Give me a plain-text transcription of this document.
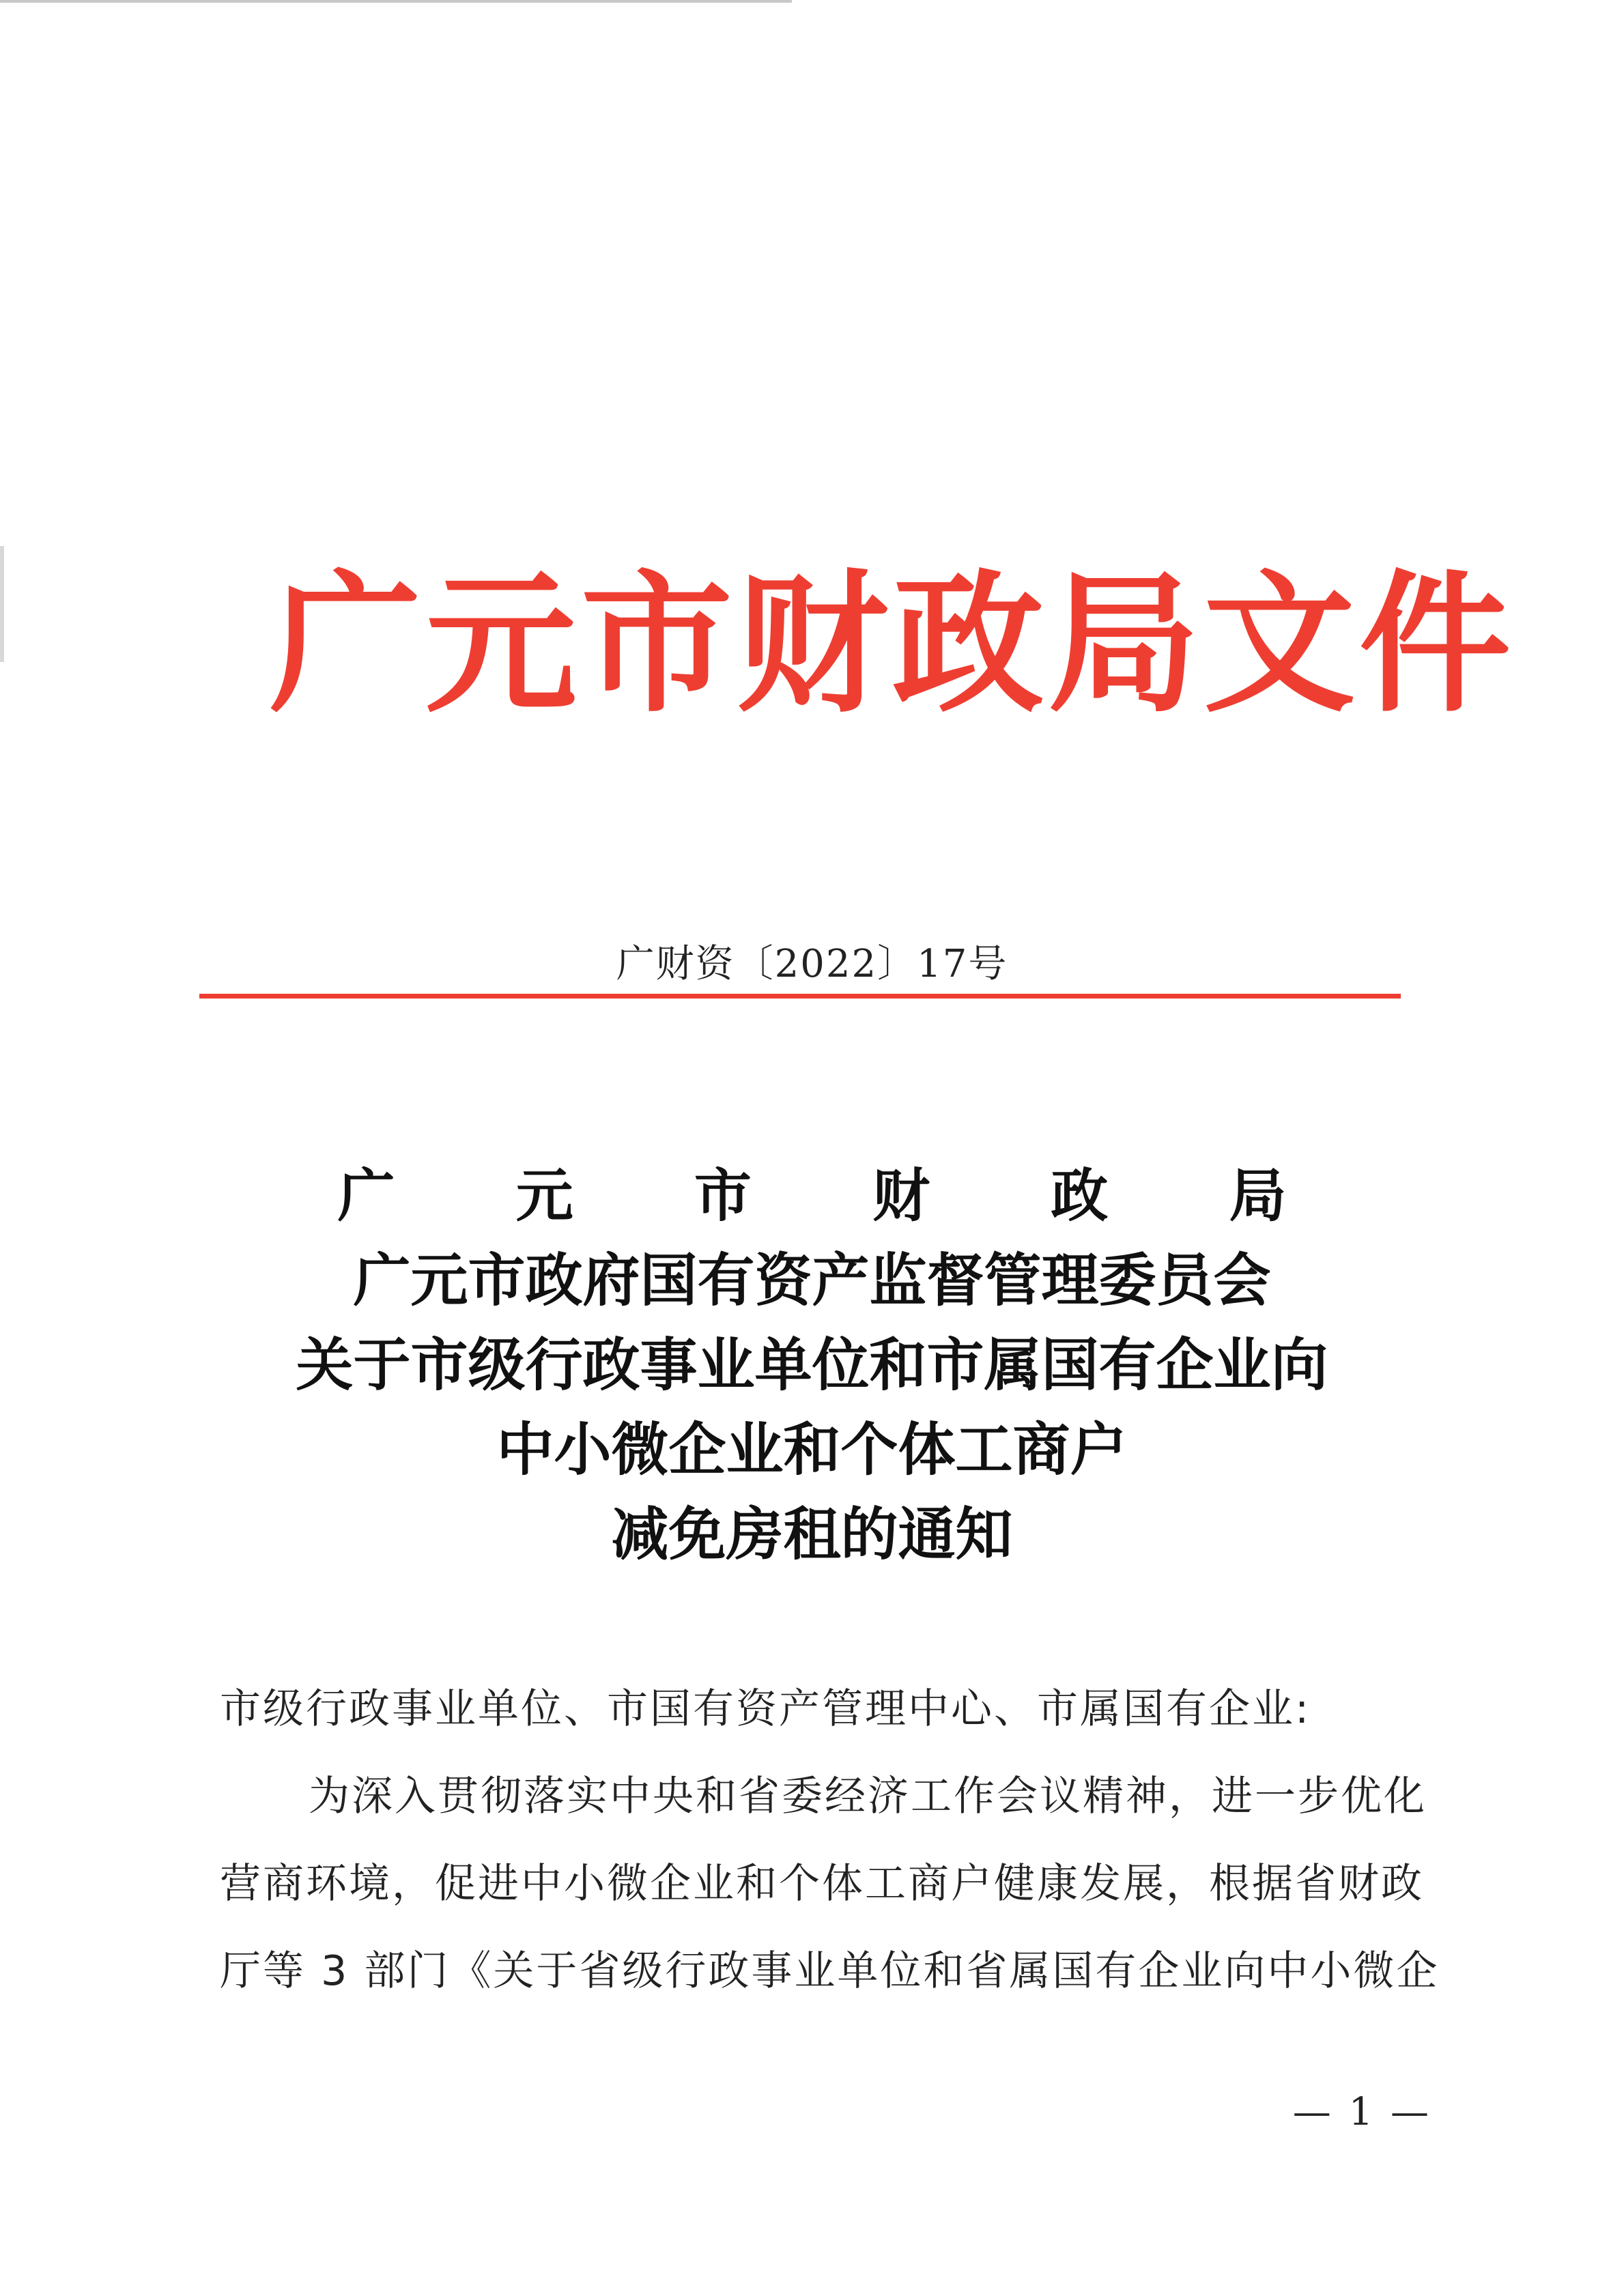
广元市财政局文件
广财资〔2022〕17号
广 元 市 财 政 局
广元市政府国有资产监督管理委员会
关于市级行政事业单位和市属国有企业向
中小微企业和个体工商户
减免房租的通知

市级行政事业单位、市国有资产管理中心、市属国有企业:

为深入贯彻落实中央和省委经济工作会议精神，进一步优化

营商环境，促进中小微企业和个体工商户健康发展，根据省财政

厅等 3 部门《关于省级行政事业单位和省属国有企业向中小微企

— 1 —
